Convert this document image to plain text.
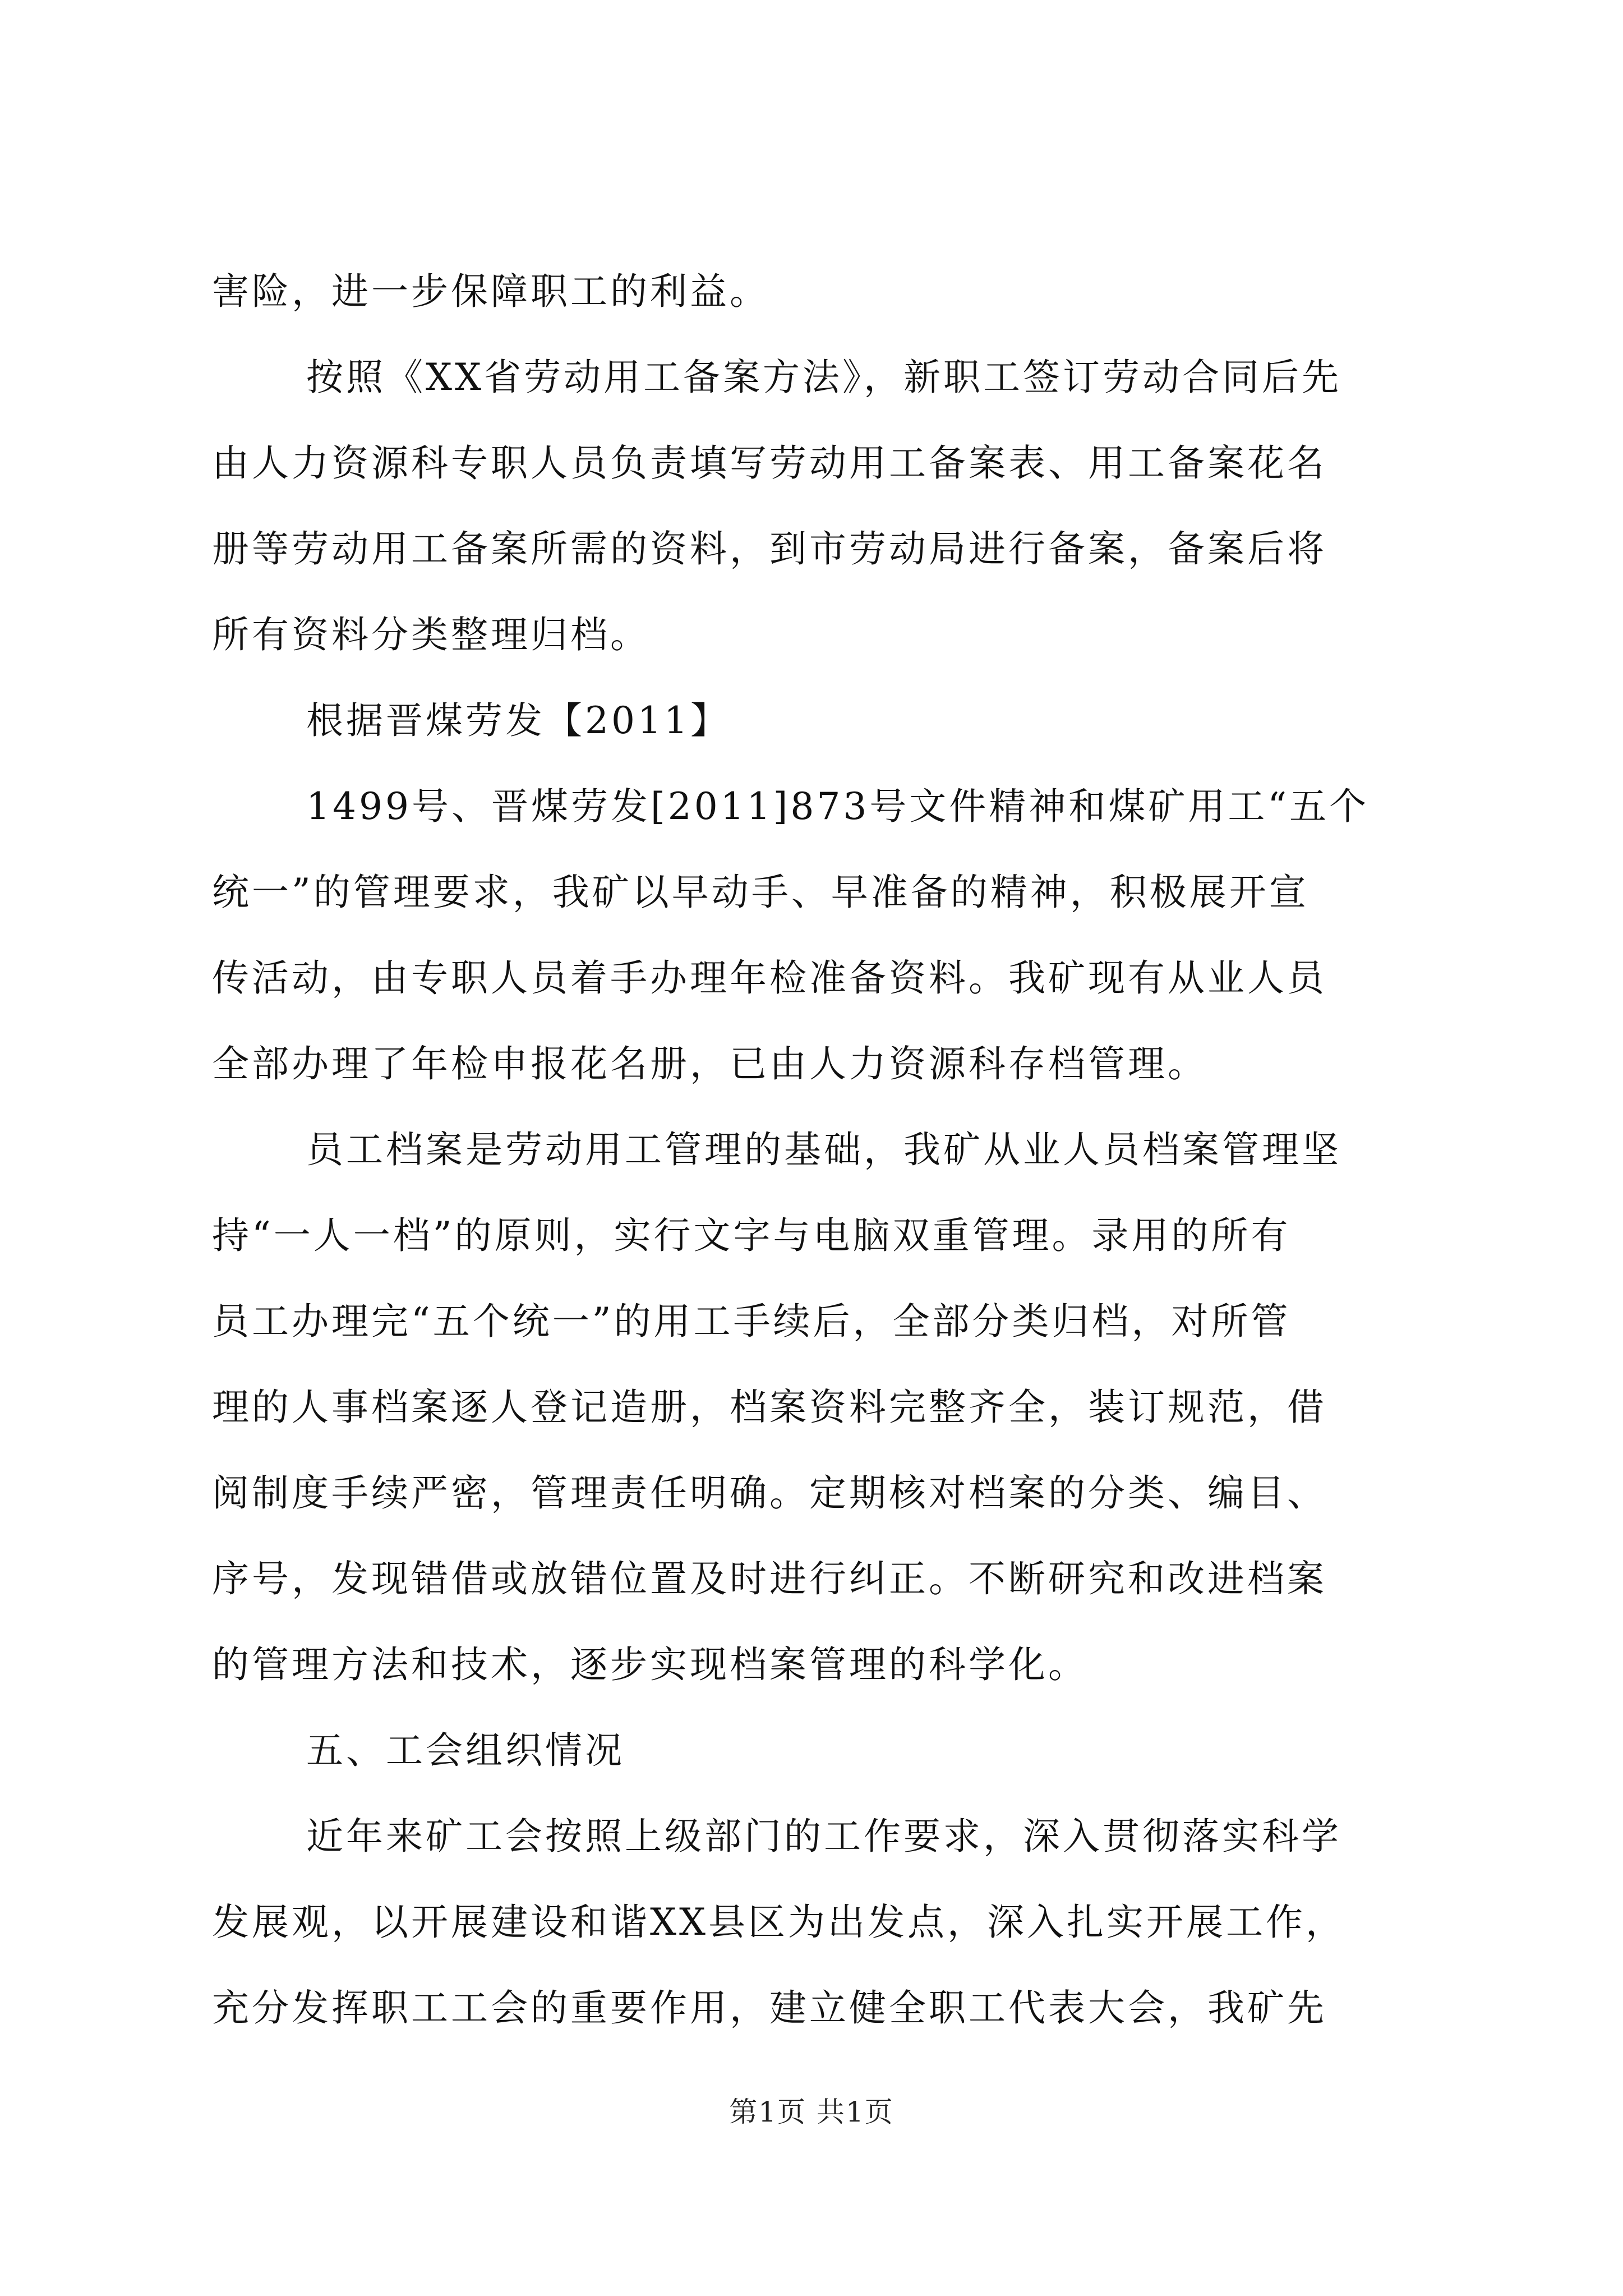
害险，进一步保障职工的利益。
按照《XX省劳动用工备案方法》，新职工签订劳动合同后先
由人力资源科专职人员负责填写劳动用工备案表、用工备案花名
册等劳动用工备案所需的资料，到市劳动局进行备案，备案后将
所有资料分类整理归档。
根据晋煤劳发【2011】
1499号、晋煤劳发[2011]873号文件精神和煤矿用工“五个
统一”的管理要求，我矿以早动手、早准备的精神，积极展开宣
传活动，由专职人员着手办理年检准备资料。我矿现有从业人员
全部办理了年检申报花名册，已由人力资源科存档管理。
员工档案是劳动用工管理的基础，我矿从业人员档案管理坚
持“一人一档”的原则，实行文字与电脑双重管理。录用的所有
员工办理完“五个统一”的用工手续后，全部分类归档，对所管
理的人事档案逐人登记造册，档案资料完整齐全，装订规范，借
阅制度手续严密，管理责任明确。定期核对档案的分类、编目、
序号，发现错借或放错位置及时进行纠正。不断研究和改进档案
的管理方法和技术，逐步实现档案管理的科学化。
五、工会组织情况
近年来矿工会按照上级部门的工作要求，深入贯彻落实科学
发展观，以开展建设和谐XX县区为出发点，深入扎实开展工作，
充分发挥职工工会的重要作用，建立健全职工代表大会，我矿先
第1页 共1页
